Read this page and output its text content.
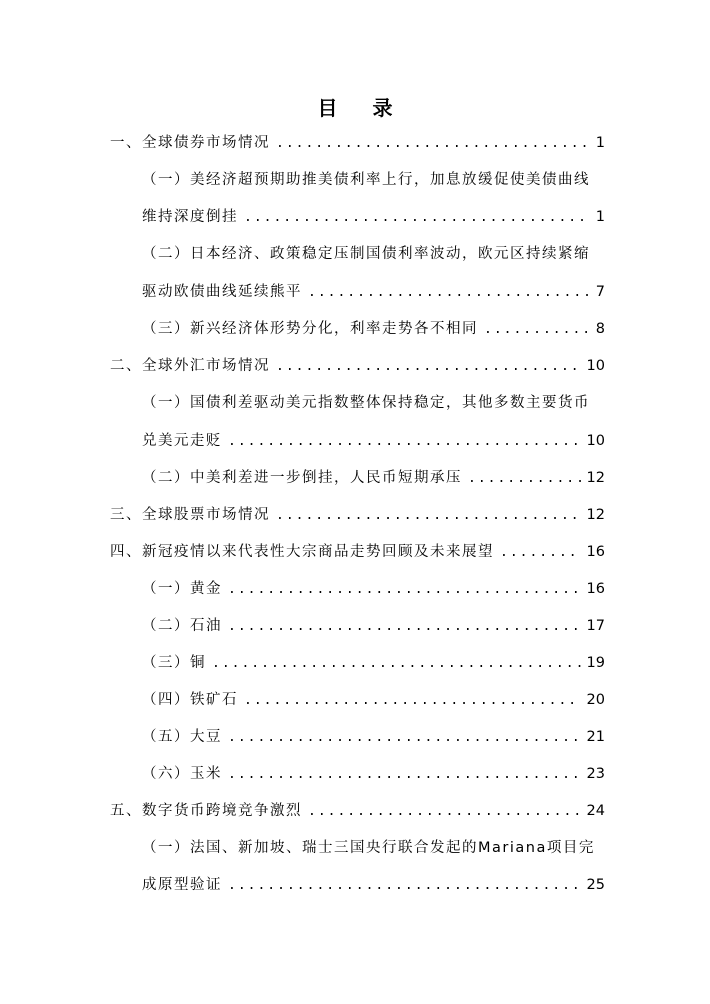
目 录
一、全球债券市场情况 .....	1
（一）美经济超预期助推美债利率上行，加息放缓促使美债曲线
维持深度倒挂 .....	1
（二）日本经济、政策稳定压制国债利率波动，欧元区持续紧缩
驱动欧债曲线延续熊平 .....	7
（三）新兴经济体形势分化，利率走势各不相同 .....	8
二、全球外汇市场情况 .....	10
（一）国债利差驱动美元指数整体保持稳定，其他多数主要货币
兑美元走贬 .....	10
（二）中美利差进一步倒挂，人民币短期承压 .....	12
三、全球股票市场情况 .....	12
四、新冠疫情以来代表性大宗商品走势回顾及未来展望 .....	16
（一）黄金 .....	16
（二）石油 .....	17
（三）铜 .....	19
（四）铁矿石 .....	20
（五）大豆 .....	21
（六）玉米 .....	23
五、数字货币跨境竞争激烈 .....	24
（一）法国、新加坡、瑞士三国央行联合发起的Mariana项目完
成原型验证 .....	25
